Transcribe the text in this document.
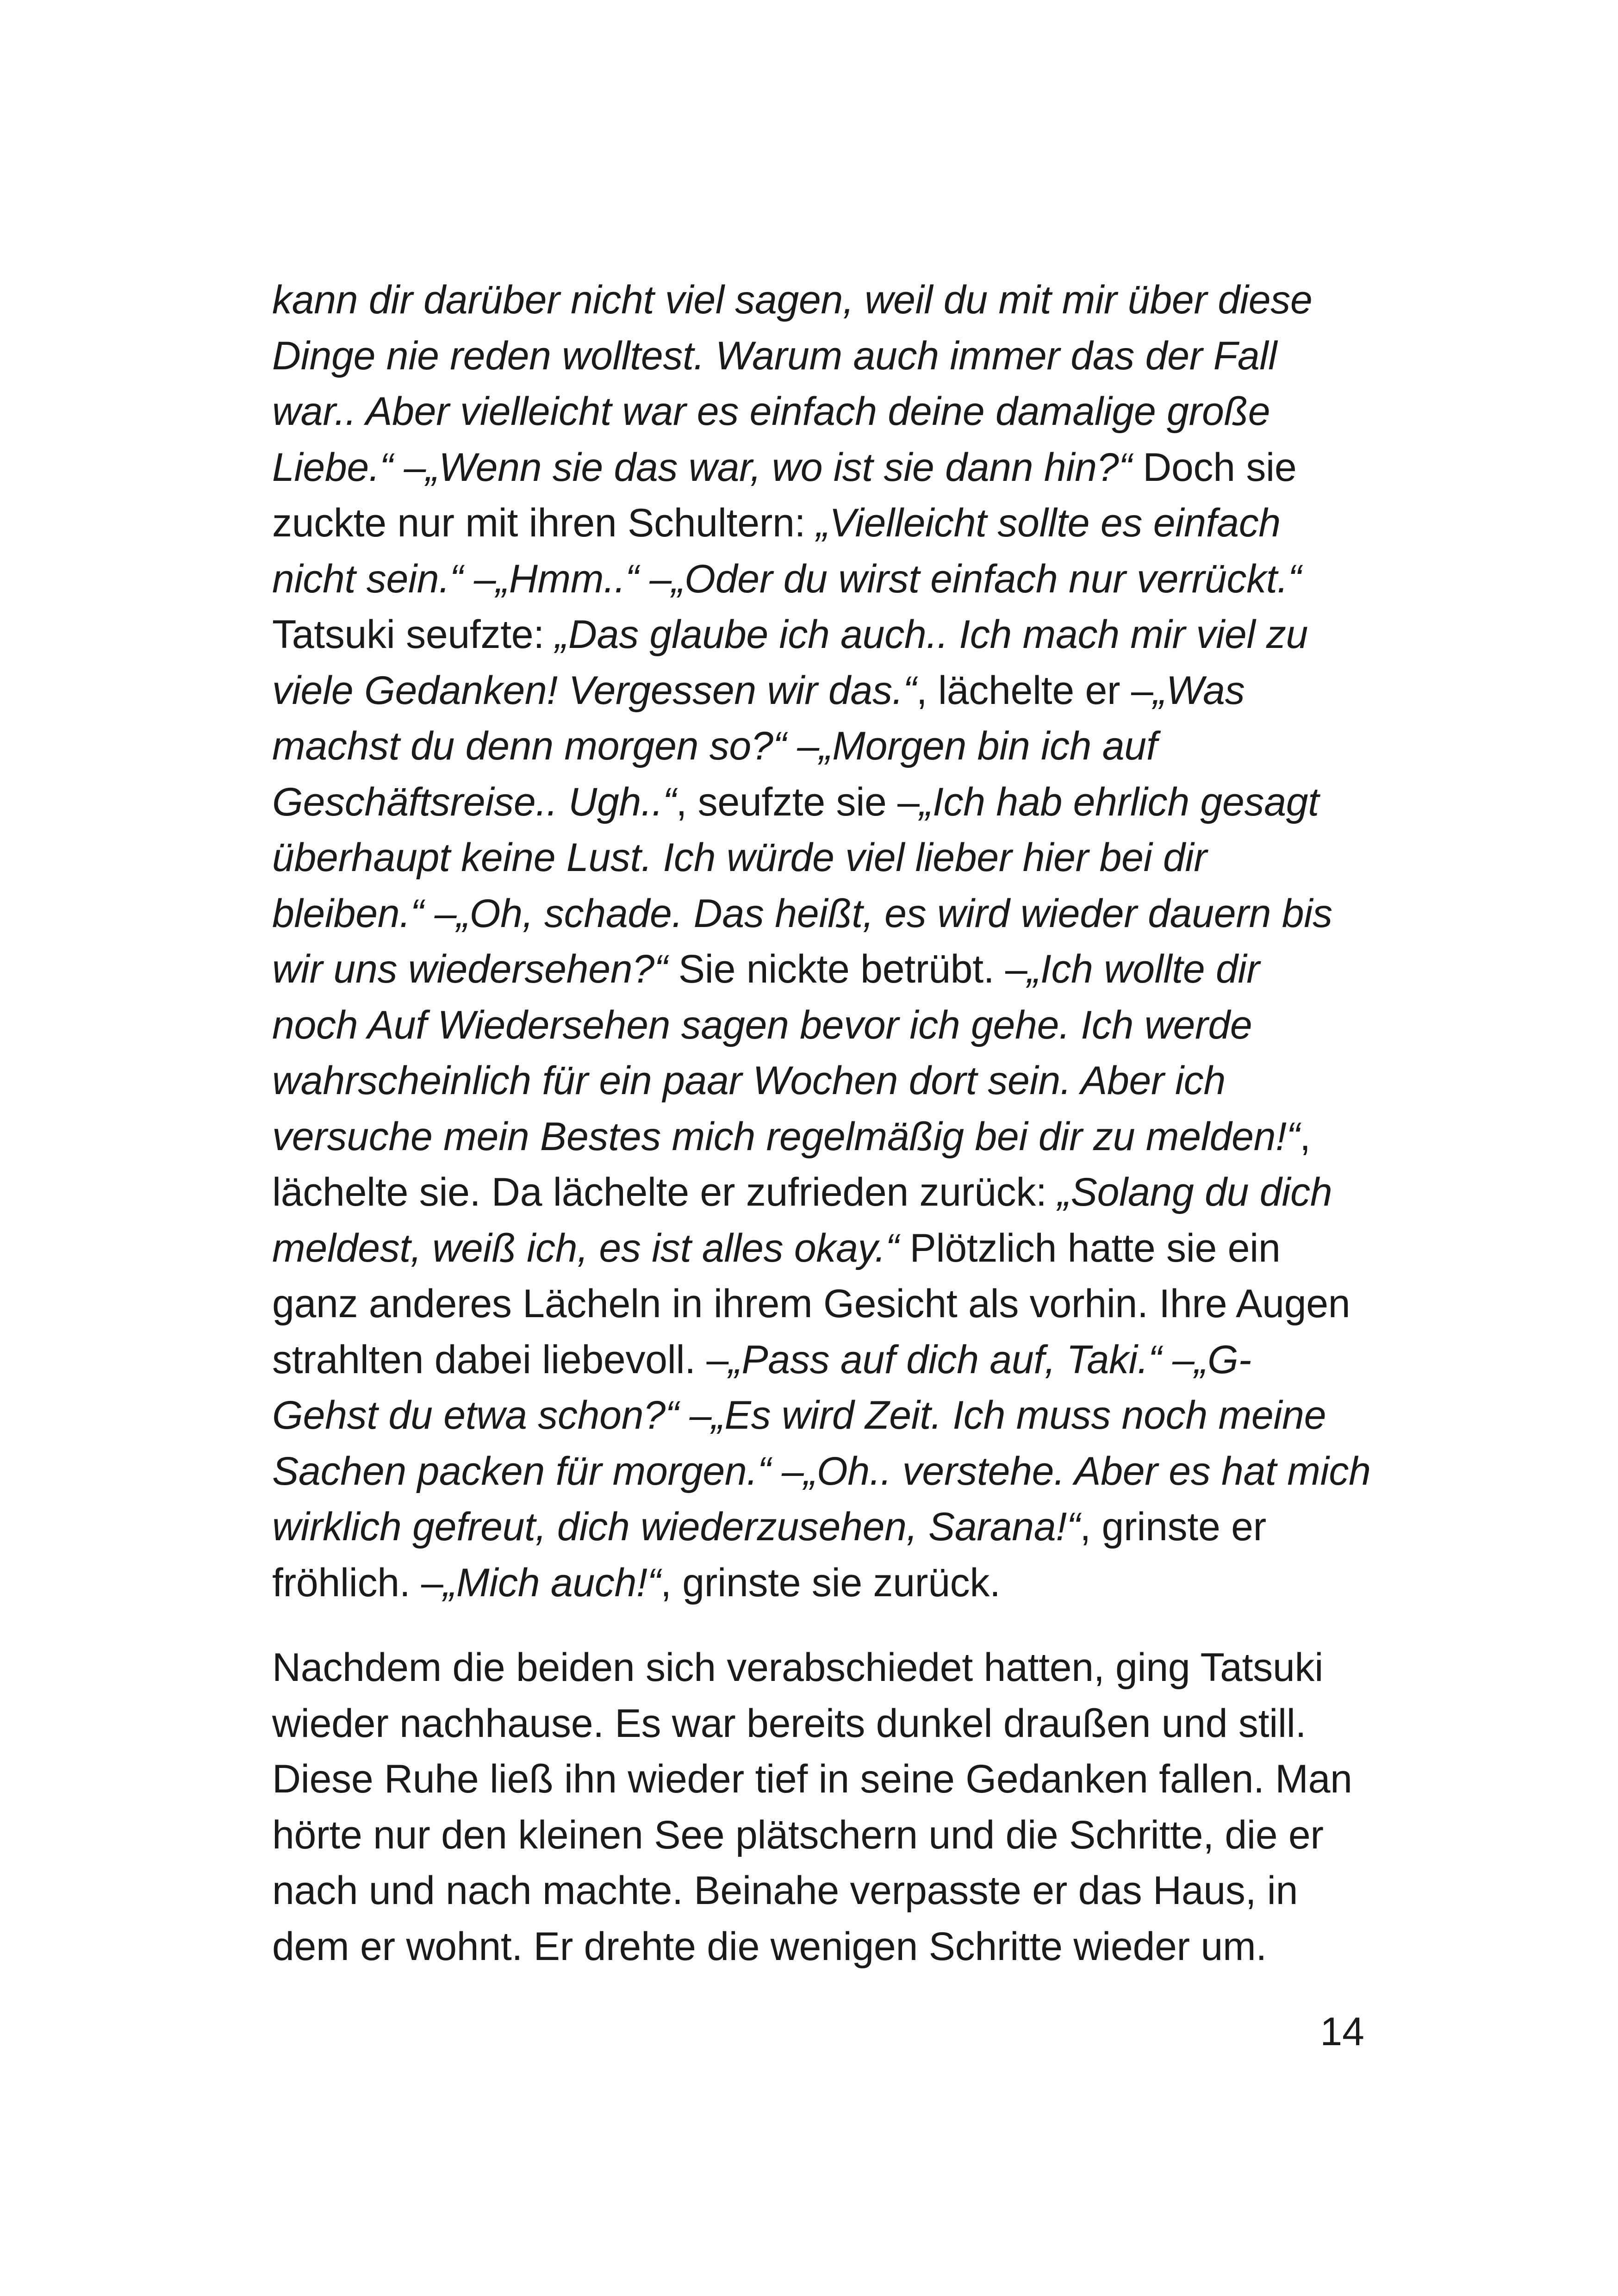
kann dir darüber nicht viel sagen, weil du mit mir über diese
Dinge nie reden wolltest. Warum auch immer das der Fall
war.. Aber vielleicht war es einfach deine damalige große
Liebe.“ –„Wenn sie das war, wo ist sie dann hin?“ Doch sie
zuckte nur mit ihren Schultern: „Vielleicht sollte es einfach
nicht sein.“ –„Hmm..“ –„Oder du wirst einfach nur verrückt.“
Tatsuki seufzte: „Das glaube ich auch.. Ich mach mir viel zu
viele Gedanken! Vergessen wir das.“, lächelte er –„Was
machst du denn morgen so?“ –„Morgen bin ich auf
Geschäftsreise.. Ugh..“, seufzte sie –„Ich hab ehrlich gesagt
überhaupt keine Lust. Ich würde viel lieber hier bei dir
bleiben.“ –„Oh, schade. Das heißt, es wird wieder dauern bis
wir uns wiedersehen?“ Sie nickte betrübt. –„Ich wollte dir
noch Auf Wiedersehen sagen bevor ich gehe. Ich werde
wahrscheinlich für ein paar Wochen dort sein. Aber ich
versuche mein Bestes mich regelmäßig bei dir zu melden!“,
lächelte sie. Da lächelte er zufrieden zurück: „Solang du dich
meldest, weiß ich, es ist alles okay.“ Plötzlich hatte sie ein
ganz anderes Lächeln in ihrem Gesicht als vorhin. Ihre Augen
strahlten dabei liebevoll. –„Pass auf dich auf, Taki.“ –„G-
Gehst du etwa schon?“ –„Es wird Zeit. Ich muss noch meine
Sachen packen für morgen.“ –„Oh.. verstehe. Aber es hat mich
wirklich gefreut, dich wiederzusehen, Sarana!“, grinste er
fröhlich. –„Mich auch!“, grinste sie zurück.
Nachdem die beiden sich verabschiedet hatten, ging Tatsuki
wieder nachhause. Es war bereits dunkel draußen und still.
Diese Ruhe ließ ihn wieder tief in seine Gedanken fallen. Man
hörte nur den kleinen See plätschern und die Schritte, die er
nach und nach machte. Beinahe verpasste er das Haus, in
dem er wohnt. Er drehte die wenigen Schritte wieder um.
14
